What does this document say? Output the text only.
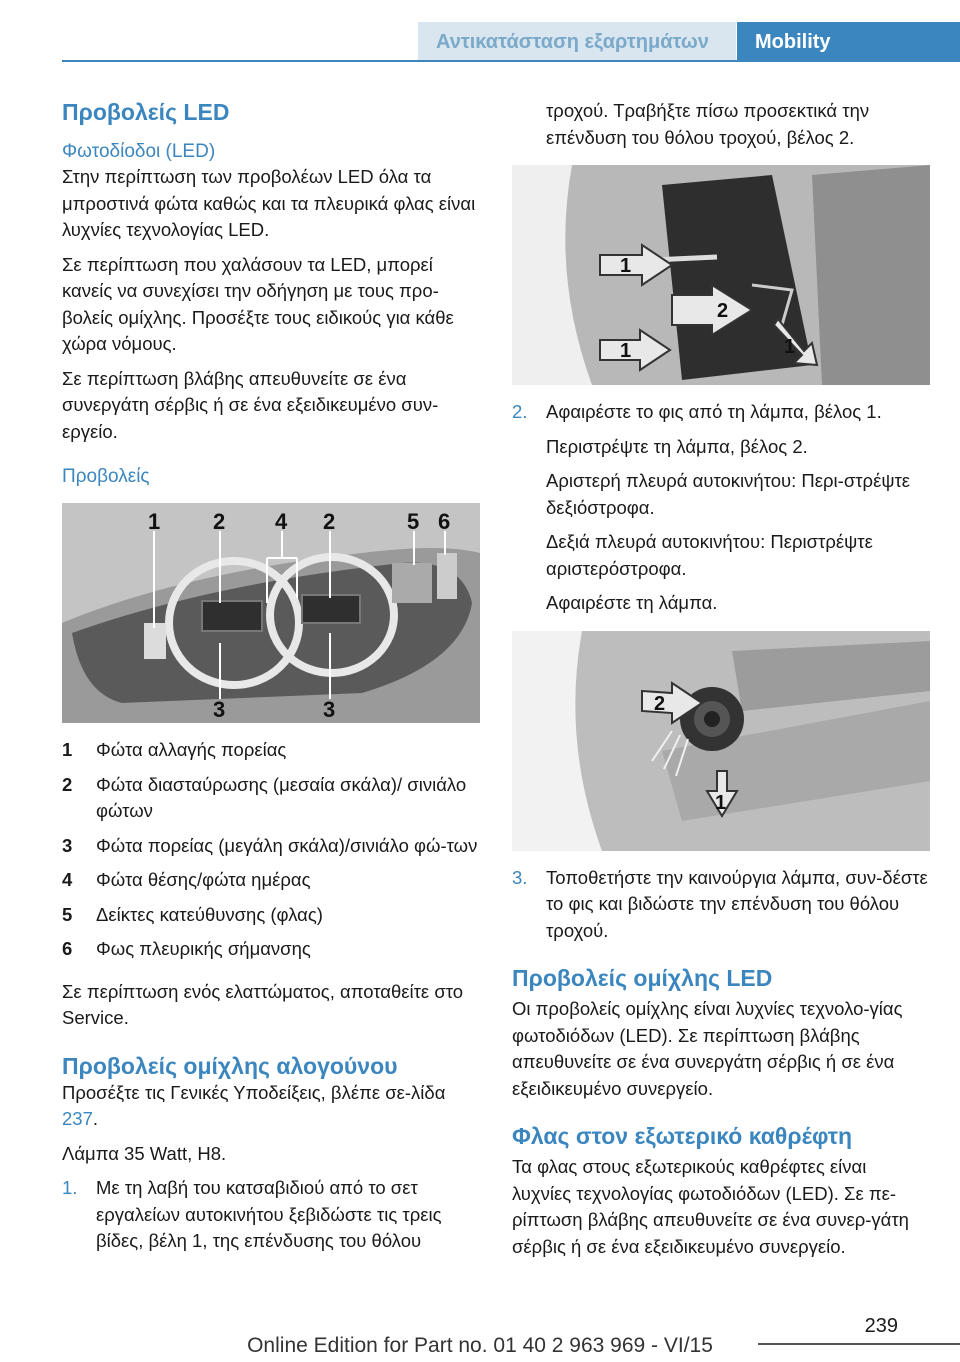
Αντικατάσταση εξαρτημάτων	Mobility
Προβολείς LED
Φωτοδίοδοι (LED)

Στην περίπτωση των προβολέων LED όλα τα μπροστινά φώτα καθώς και τα πλευρικά φλας είναι λυχνίες τεχνολογίας LED.

Σε περίπτωση που χαλάσουν τα LED, μπορεί κανείς να συνεχίσει την οδήγηση με τους προ-βολείς ομίχλης. Προσέξτε τους ειδικούς για κάθε χώρα νόμους.

Σε περίπτωση βλάβης απευθυνείτε σε ένα συνεργάτη σέρβις ή σε ένα εξειδικευμένο συν-εργείο.

Προβολείς
1 2 4 2	5 6
3	3
1 Φώτα αλλαγής πορείας
2 Φώτα διασταύρωσης (μεσαία σκάλα)/ σινιάλο φώτων
3 Φώτα πορείας (μεγάλη σκάλα)/σινιάλο φώ-των
4 Φώτα θέσης/φώτα ημέρας
5 Δείκτες κατεύθυνσης (φλας)
6 Φως πλευρικής σήμανσης

Σε περίπτωση ενός ελαττώματος, αποταθείτε στο Service.

Προβολείς ομίχλης αλογούνου

Προσέξτε τις Γενικές Υποδείξεις, βλέπε σε-λίδα 237.

Λάμπα 35 Watt, H8.

1. Με τη λαβή του κατσαβιδιού από το σετ εργαλείων αυτοκινήτου ξεβιδώστε τις τρεις βίδες, βέλη 1, της επένδυσης του θόλου

τροχού. Τραβήξτε πίσω προσεκτικά την επένδυση του θόλου τροχού, βέλος 2.

1
2
1	1
2. Αφαιρέστε το φις από τη λάμπα, βέλος 1.
Περιστρέψτε τη λάμπα, βέλος 2.
Αριστερή πλευρά αυτοκινήτου: Περι-στρέψτε δεξιόστροφα.
Δεξιά πλευρά αυτοκινήτου: Περιστρέψτε αριστερόστροφα.
Αφαιρέστε τη λάμπα.
2
1
3. Τοποθετήστε την καινούργια λάμπα, συν-δέστε το φις και βιδώστε την επένδυση του θόλου τροχού.
Προβολείς ομίχλης LED

Οι προβολείς ομίχλης είναι λυχνίες τεχνολο-γίας φωτοδιόδων (LED). Σε περίπτωση βλάβης απευθυνείτε σε ένα συνεργάτη σέρβις ή σε ένα εξειδικευμένο συνεργείο.

Φλας στον εξωτερικό καθρέφτη

Τα φλας στους εξωτερικούς καθρέφτες είναι λυχνίες τεχνολογίας φωτοδιόδων (LED). Σε πε-ρίπτωση βλάβης απευθυνείτε σε ένα συνερ-γάτη σέρβις ή σε ένα εξειδικευμένο συνεργείο.

239
Online Edition for Part no. 01 40 2 963 969 - VI/15
